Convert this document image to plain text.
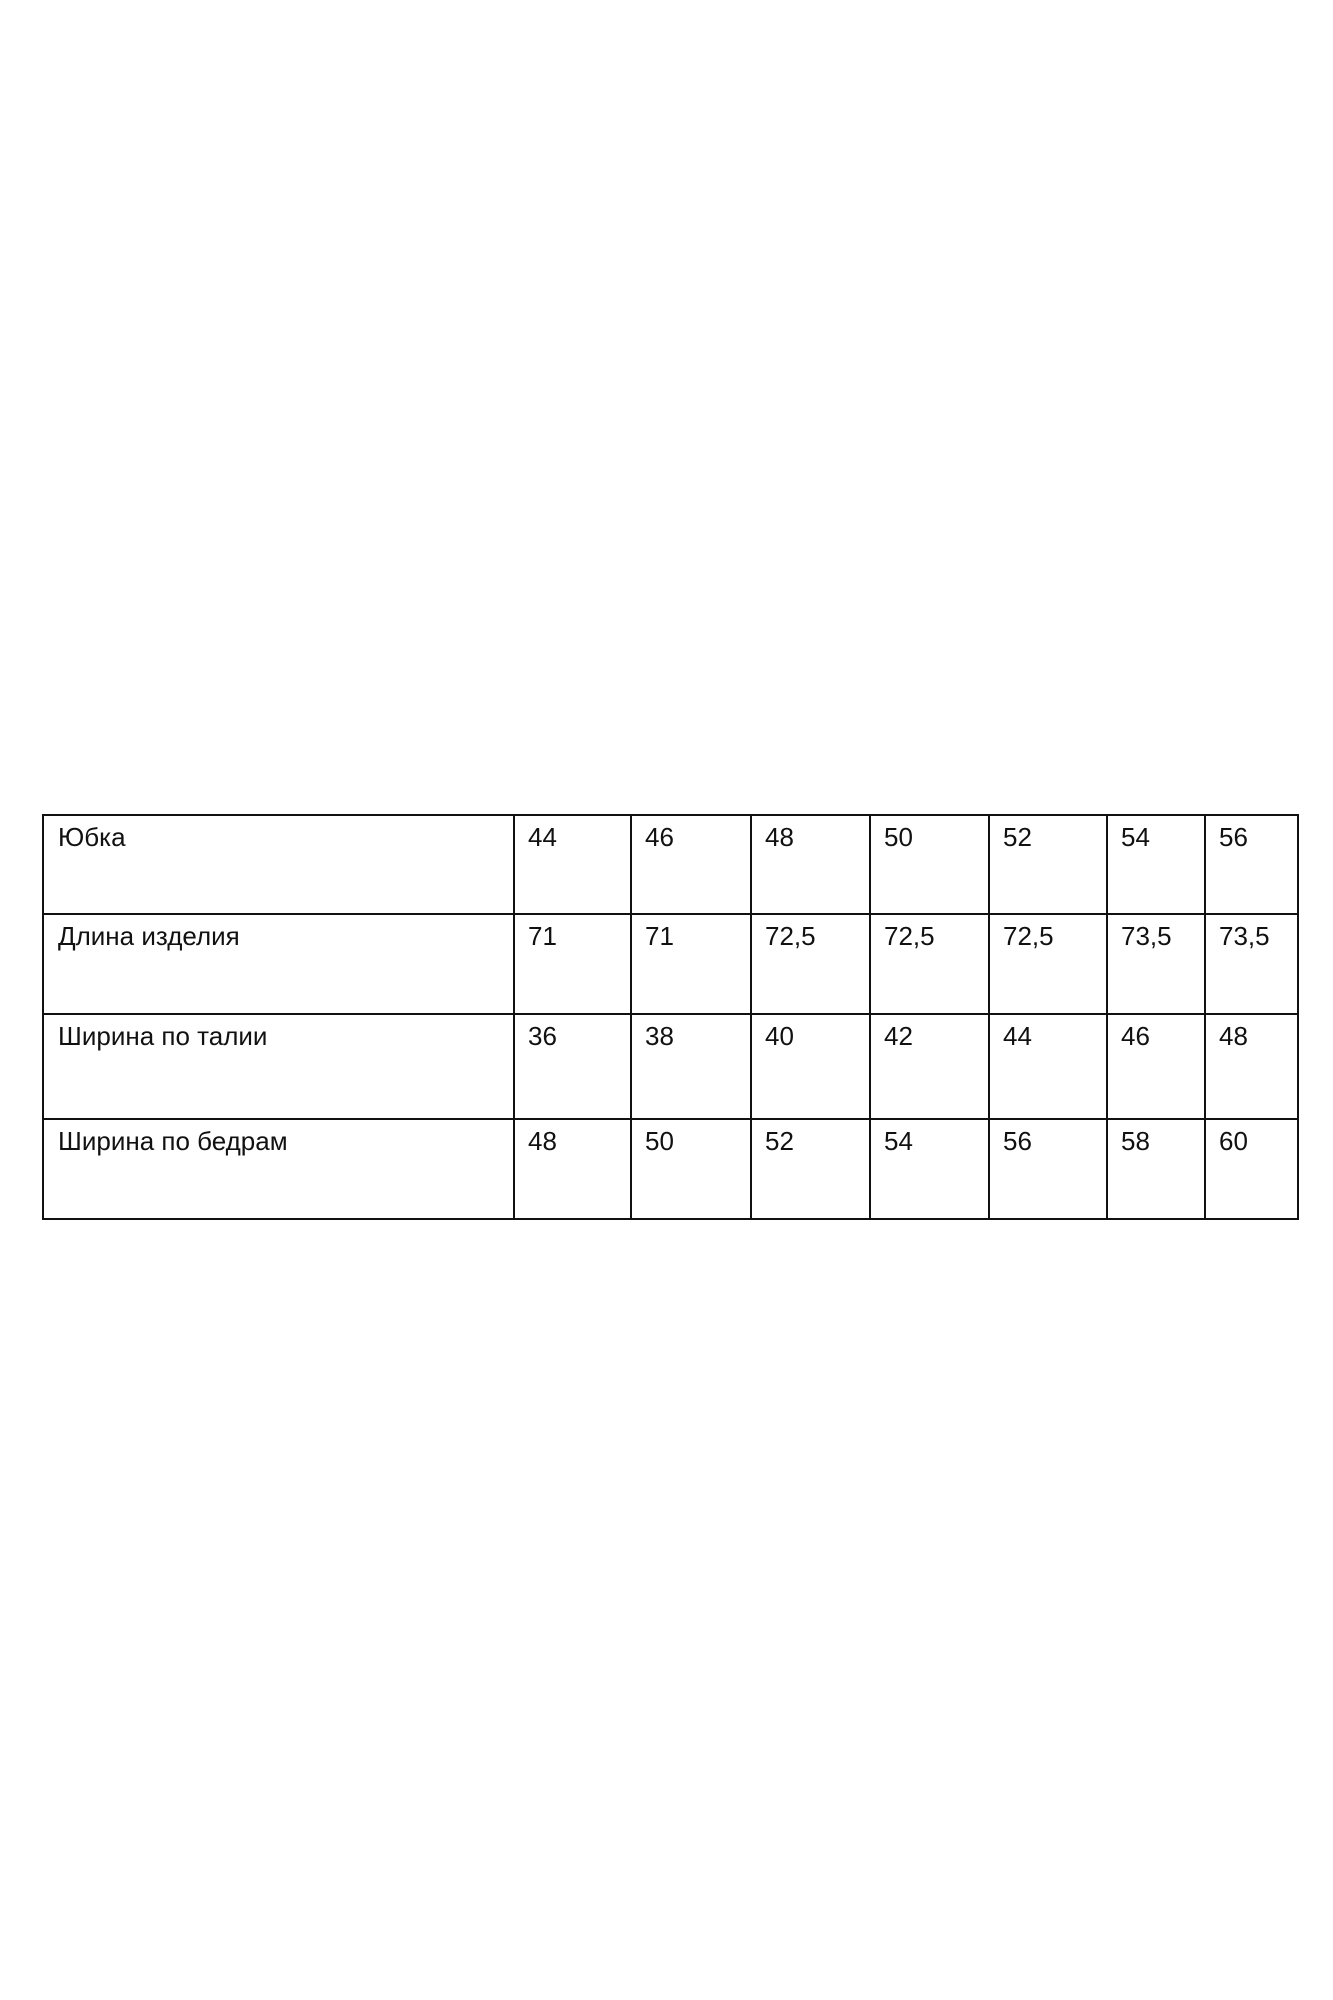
Юбка	44	46	48	50	52	54	56
Длина изделия	71	71	72,5	72,5	72,5	73,5	73,5
Ширина по талии	36	38	40	42	44	46	48
Ширина по бедрам	48	50	52	54	56	58	60
